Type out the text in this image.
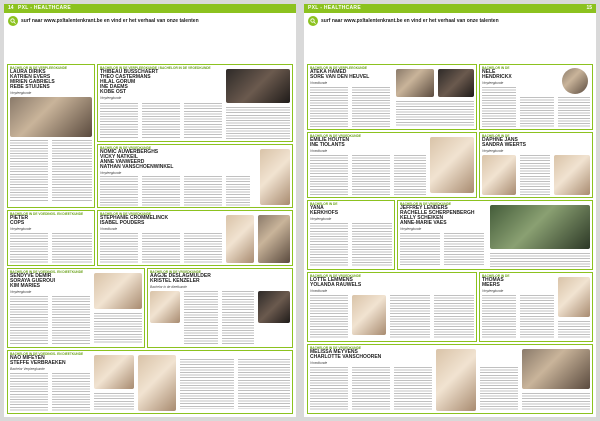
14 PXL - HEALTHCARE
surf naar www.pxltalentenkrant.be en vind er het verhaal van onze talenten
BACHELOR IN DE VERPLEEGKUNDE
LAURA DIRIKS
KATRIEN EVERS
MIRIEN GABRIELS
REBE STUIJENS
Verpleegkunde
BACHELOR IN DE VERPLEEGKUNDE / BACHELOR IN DE VROEDKUNDE
THIBEAU BUSSCHAERT
THEO CASTERMANS
HILAL GORUM
INE DAEMS
KOBE OST
Verpleegkunde
BACHELOR IN DE VROEDKUNDE
NOMIC AUWERBERGHS
VICKY NATKEIL
ANNE VANWEERD
NATHAN VANSCHOENWINKEL
Verpleegkunde
BACHELOR IN DE VOEDINGS- EN DIEETKUNDE
PIETER
COPS
Verpleegkunde
BACHELOR IN DE VROEDKUNDE
STEPHANIE CROMMELINCK
ISABEL POUDERS
Vroedkunde
BACHELOR IN DE VOEDINGS- EN DIEETKUNDE
SENDYVE DEMIR
SORAYA GUEROUI
KIM MARIES
Verpleegkunde
BACHELOR IN DE VROEDKUNDE
AAGJE DESLAGMULDER
KRISTEL KENZELER
Bachelor in de dieetkunde
BACHELOR IN DE VOEDINGS- EN DIEETKUNDE
NAO MIFEYEN
STEFFE VERBRAEKEN
Bachelor Verpleegkunde
PXL - HEALTHCARE	15
surf naar www.pxltalentenkrant.be en vind er het verhaal van onze talenten
BACHELOR IN DE VERPLEEGKUNDE
ATEKA HAMED
SORE VAN DEN HEUVEL
Vroedkunde
BACHELOR IN DE
NELE
HENDRICKX
Verpleegkunde
BACHELOR IN DE VROEDKUNDE
EMILIE HOUTEN
INE TIOLANTS
Vroedkunde
BACHELOR IN DE
DAPHNE JANS
SANDRA WEERTS
Verpleegkunde
BACHELOR IN DE
YANA
KERKHOFS
Verpleegkunde
BACHELOR IN DE VROEDKUNDE
JEFFREY LENDERS
RACHELLE SCHERPENBERGH
KELLY SCHEIKEN
ANNE-MARIE VAES
Verpleegkunde
BACHELOR IN DE VROEDKUNDE
LOTTE LEMMENS
YOLANDA RAUWELS
Vroedkunde
BACHELOR IN DE
THOMAS
MEERS
Verpleegkunde
BACHELOR IN DE VROEDKUNDE
MELISSA MEYVENS
CHARLOTTE VANSCHOOREN
Vroedkunde
